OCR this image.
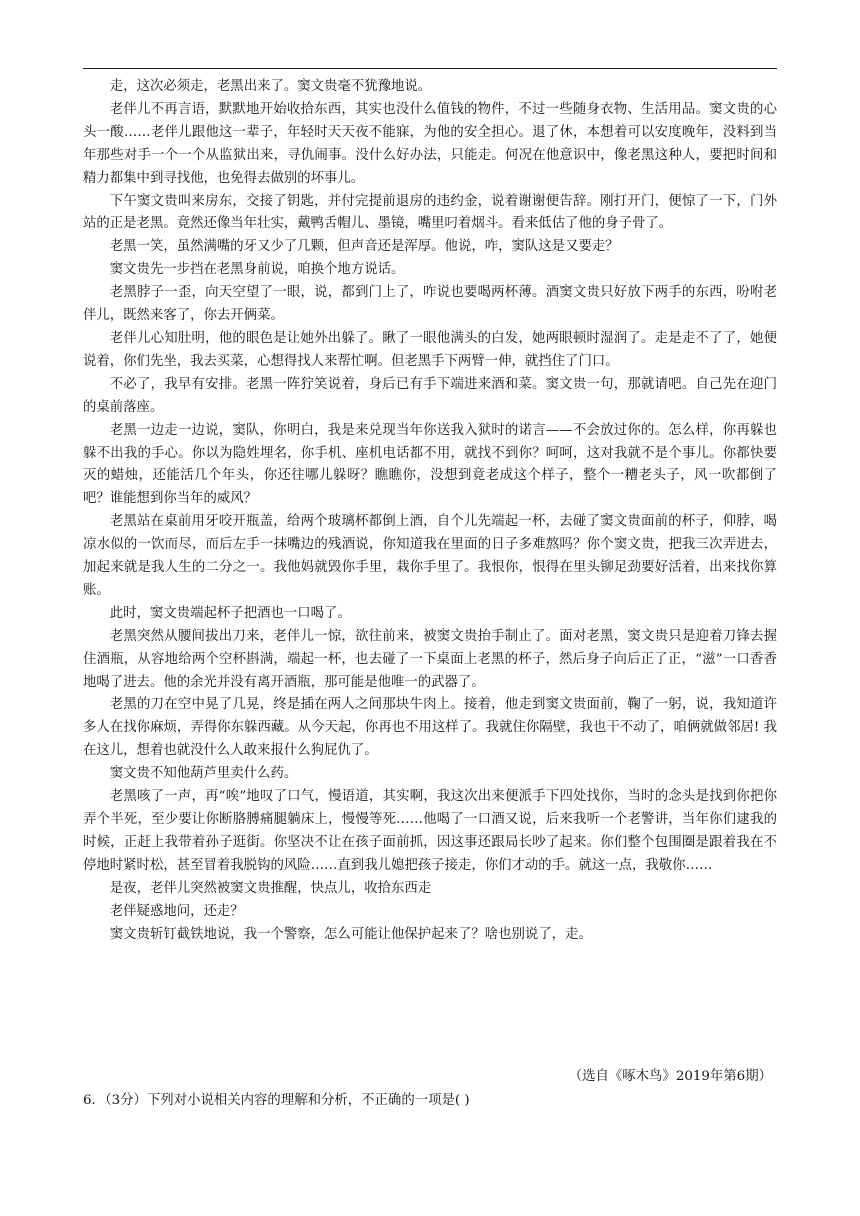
走，这次必须走，老黑出来了。窦文贵毫不犹豫地说。

老伴儿不再言语，默默地开始收拾东西，其实也没什么值钱的物件，不过一些随身衣物、生活用品。窦文贵的心头一酸……老伴儿跟他这一辈子，年轻时天天夜不能寐，为他的安全担心。退了休，本想着可以安度晚年，没料到当年那些对手一个一个从监狱出来，寻仇闹事。没什么好办法，只能走。何况在他意识中，像老黑这种人，要把时间和精力都集中到寻找他，也免得去做别的坏事儿。

下午窦文贵叫来房东，交接了钥匙，并付完提前退房的违约金，说着谢谢便告辞。刚打开门，便惊了一下，门外站的正是老黑。竟然还像当年壮实，戴鸭舌帽儿、墨镜，嘴里叼着烟斗。看来低估了他的身子骨了。

老黑一笑，虽然满嘴的牙又少了几颗，但声音还是浑厚。他说，咋，窦队这是又要走？

窦文贵先一步挡在老黑身前说，咱换个地方说话。

老黑脖子一歪，向天空望了一眼，说，都到门上了，咋说也要喝两杯薄。酒窦文贵只好放下两手的东西，吩咐老伴儿，既然来客了，你去开俩菜。

老伴儿心知肚明，他的眼色是让她外出躲了。瞅了一眼他满头的白发，她两眼顿时湿润了。走是走不了了，她便说着，你们先坐，我去买菜，心想得找人来帮忙啊。但老黑手下两臂一伸，就挡住了门口。

不必了，我早有安排。老黑一阵狞笑说着，身后已有手下端进来酒和菜。窦文贵一句，那就请吧。自己先在迎门的桌前落座。

老黑一边走一边说，窦队，你明白，我是来兑现当年你送我入狱时的诺言——不会放过你的。怎么样，你再躲也躲不出我的手心。你以为隐姓埋名，你手机、座机电话都不用，就找不到你？呵呵，这对我就不是个事儿。你都快要灭的蜡烛，还能活几个年头，你还往哪儿躲呀？瞧瞧你，没想到竟老成这个样子，整个一糟老头子，风一吹都倒了吧？谁能想到你当年的威风？

老黑站在桌前用牙咬开瓶盖，给两个玻璃杯都倒上酒，自个儿先端起一杯，去碰了窦文贵面前的杯子，仰脖，喝凉水似的一饮而尽，而后左手一抹嘴边的残酒说，你知道我在里面的日子多难熬吗？你个窦文贵，把我三次弄进去，加起来就是我人生的二分之一。我他妈就毁你手里，栽你手里了。我恨你，恨得在里头铆足劲要好活着，出来找你算账。

此时，窦文贵端起杯子把酒也一口喝了。

老黑突然从腰间拔出刀来，老伴儿一惊，欲往前来，被窦文贵抬手制止了。面对老黑，窦文贵只是迎着刀锋去握住酒瓶，从容地给两个空杯斟满，端起一杯，也去碰了一下桌面上老黑的杯子，然后身子向后正了正，“滋”一口香香地喝了进去。他的余光并没有离开酒瓶，那可能是他唯一的武器了。

老黑的刀在空中晃了几晃，终是插在两人之间那块牛肉上。接着，他走到窦文贵面前，鞠了一躬，说，我知道许多人在找你麻烦，弄得你东躲西藏。从今天起，你再也不用这样了。我就住你隔壁，我也干不动了，咱俩就做邻居! 我在这儿，想着也就没什么人敢来报什么狗屁仇了。

窦文贵不知他葫芦里卖什么药。

老黑咳了一声，再“唉”地叹了口气，慢语道，其实啊，我这次出来便派手下四处找你，当时的念头是找到你把你弄个半死，至少要让你断胳膊痛腿躺床上，慢慢等死……他喝了一口酒又说，后来我听一个老警讲，当年你们逮我的时候，正赶上我带着孙子逛街。你坚决不让在孩子面前抓，因这事还跟局长吵了起来。你们整个包围圈是跟着我在不停地时紧时松，甚至冒着我脱钩的风险……直到我儿媳把孩子接走，你们才动的手。就这一点，我敬你……

是夜，老伴儿突然被窦文贵推醒，快点儿，收拾东西走

老伴疑惑地问，还走？

窦文贵斩钉截铁地说，我一个警察，怎么可能让他保护起来了？啥也别说了，走。

（选自《啄木鸟》2019年第6期）
6．（3分）下列对小说相关内容的理解和分析，不正确的一项是( )
